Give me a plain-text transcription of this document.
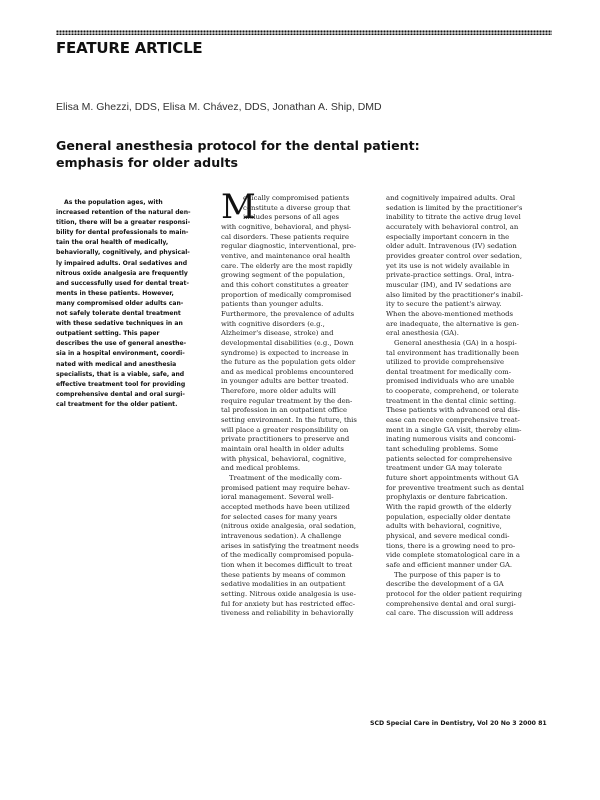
FEATURE ARTICLE

Elisa M. Ghezzi, DDS, Elisa M. Chávez, DDS, Jonathan A. Ship, DMD

General anesthesia protocol for the dental patient:
emphasis for older adults
As the population ages, with
increased retention of the natural den-
tition, there will be a greater responsi-
bility for dental professionals to main-
tain the oral health of medically,
behaviorally, cognitively, and physical-
ly impaired adults. Oral sedatives and
nitrous oxide analgesia are frequently
and successfully used for dental treat-
ments in these patients. However,
many compromised older adults can-
not safely tolerate dental treatment
with these sedative techniques in an
outpatient setting. This paper
describes the use of general anesthe-
sia in a hospital environment, coordi-
nated with medical and anesthesia
specialists, that is a viable, safe, and
effective treatment tool for providing
comprehensive dental and oral surgi-
cal treatment for the older patient.
M
edically compromised patients
constitute a diverse group that
includes persons of all ages
with cognitive, behavioral, and physi-
cal disorders. These patients require
regular diagnostic, interventional, pre-
ventive, and maintenance oral health
care. The elderly are the most rapidly
growing segment of the population,
and this cohort constitutes a greater
proportion of medically compromised
patients than younger adults.
Furthermore, the prevalence of adults
with cognitive disorders (e.g.,
Alzheimer's disease, stroke) and
developmental disabilities (e.g., Down
syndrome) is expected to increase in
the future as the population gets older
and as medical problems encountered
in younger adults are better treated.
Therefore, more older adults will
require regular treatment by the den-
tal profession in an outpatient office
setting environment. In the future, this
will place a greater responsibility on
private practitioners to preserve and
maintain oral health in older adults
with physical, behavioral, cognitive,
and medical problems.
Treatment of the medically com-
promised patient may require behav-
ioral management. Several well-
accepted methods have been utilized
for selected cases for many years
(nitrous oxide analgesia, oral sedation,
intravenous sedation). A challenge
arises in satisfying the treatment needs
of the medically compromised popula-
tion when it becomes difficult to treat
these patients by means of common
sedative modalities in an outpatient
setting. Nitrous oxide analgesia is use-
ful for anxiety but has restricted effec-
tiveness and reliability in behaviorally
and cognitively impaired adults. Oral
sedation is limited by the practitioner's
inability to titrate the active drug level
accurately with behavioral control, an
especially important concern in the
older adult. Intravenous (IV) sedation
provides greater control over sedation,
yet its use is not widely available in
private-practice settings. Oral, intra-
muscular (IM), and IV sedations are
also limited by the practitioner's inabil-
ity to secure the patient's airway.
When the above-mentioned methods
are inadequate, the alternative is gen-
eral anesthesia (GA).
General anesthesia (GA) in a hospi-
tal environment has traditionally been
utilized to provide comprehensive
dental treatment for medically com-
promised individuals who are unable
to cooperate, comprehend, or tolerate
treatment in the dental clinic setting.
These patients with advanced oral dis-
ease can receive comprehensive treat-
ment in a single GA visit, thereby elim-
inating numerous visits and concomi-
tant scheduling problems. Some
patients selected for comprehensive
treatment under GA may tolerate
future short appointments without GA
for preventive treatment such as dental
prophylaxis or denture fabrication.
With the rapid growth of the elderly
population, especially older dentate
adults with behavioral, cognitive,
physical, and severe medical condi-
tions, there is a growing need to pro-
vide complete stomatological care in a
safe and efficient manner under GA.
The purpose of this paper is to
describe the development of a GA
protocol for the older patient requiring
comprehensive dental and oral surgi-
cal care. The discussion will address

SCD Special Care in Dentistry, Vol 20 No 3 2000 81
